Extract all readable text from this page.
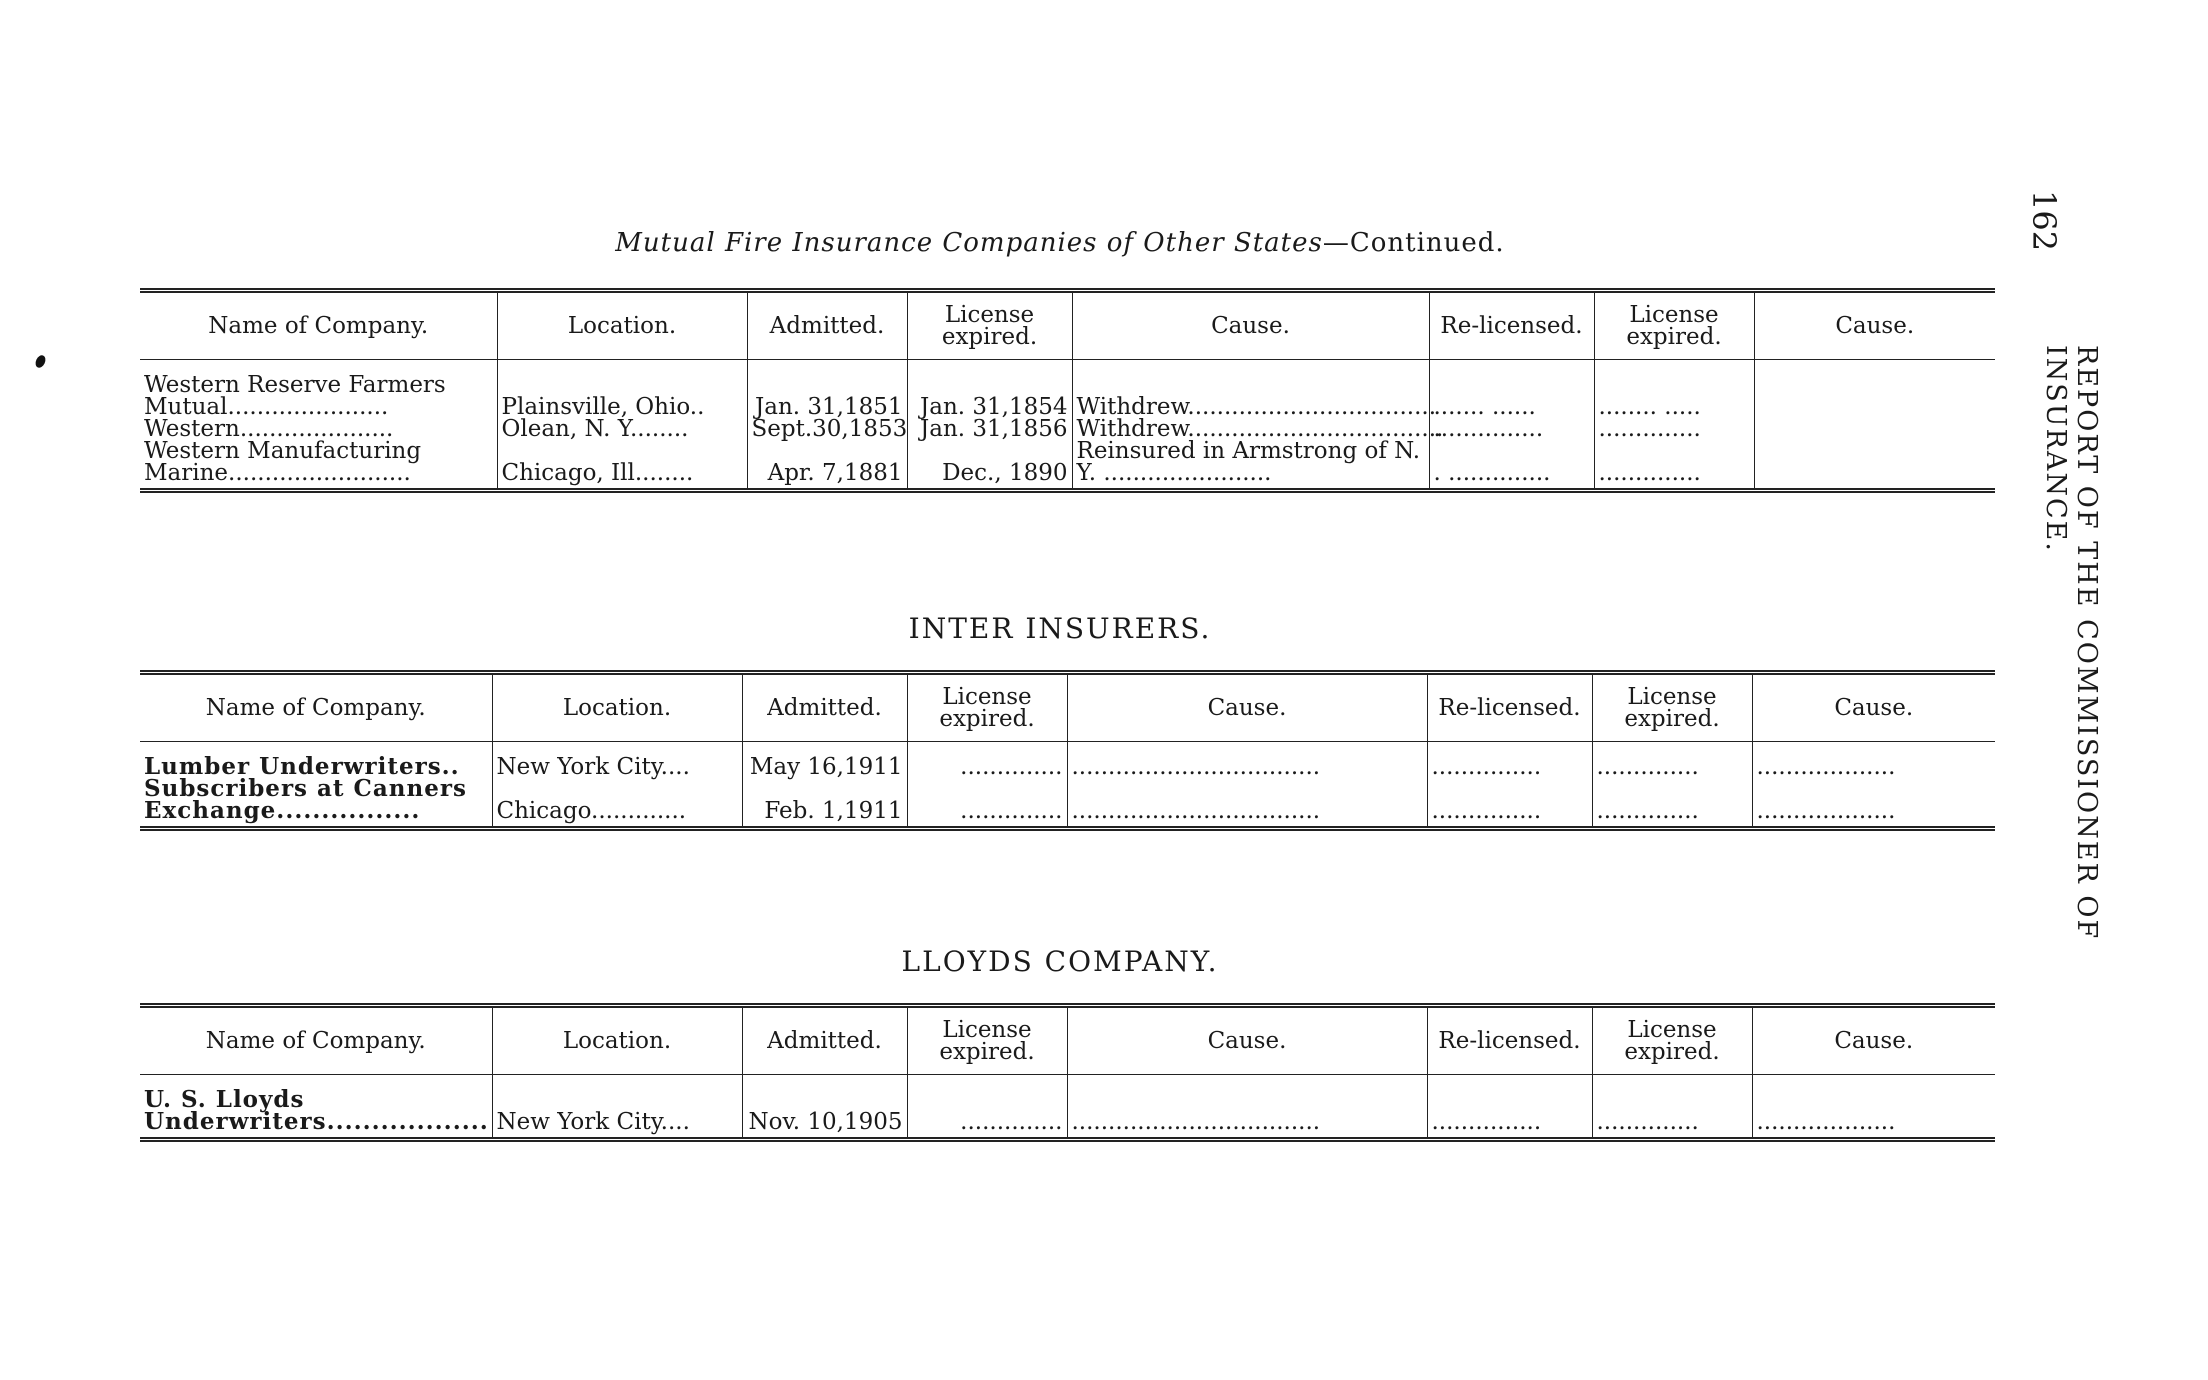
162
REPORT OF THE COMMISSIONER OF INSURANCE.
Mutual Fire Insurance Companies of Other States—Continued.
Name of Company.	Location.	Admitted.	License expired.	Cause.	Re-licensed.	License expired.	Cause.
Western Reserve Farmers Mutual......................	Plainsville, Ohio..	Jan. 31,1851	Jan. 31,1854	Withdrew..................................	....... ......	........ .....	
Western.....................	Olean, N. Y........	Sept.30,1853	Jan. 31,1856	Withdrew...................................	...............	..............	
Western Manufacturing Marine.........................	Chicago, Ill........	Apr. 7,1881	Dec., 1890	Reinsured in Armstrong of N. Y. .......................	. ..............	..............	
INTER INSURERS.
Name of Company.	Location.	Admitted.	License expired.	Cause.	Re-licensed.	License expired.	Cause.
Lumber Underwriters..	New York City....	May 16,1911	..............	..................................	...............	..............	...................
Subscribers at Canners Exchange................	Chicago.............	Feb. 1,1911	..............	..................................	...............	..............	...................
LLOYDS COMPANY.
Name of Company.	Location.	Admitted.	License expired.	Cause.	Re-licensed.	License expired.	Cause.
U. S. Lloyds Underwriters..................	New York City....	Nov. 10,1905	..............	..................................	...............	..............	...................
